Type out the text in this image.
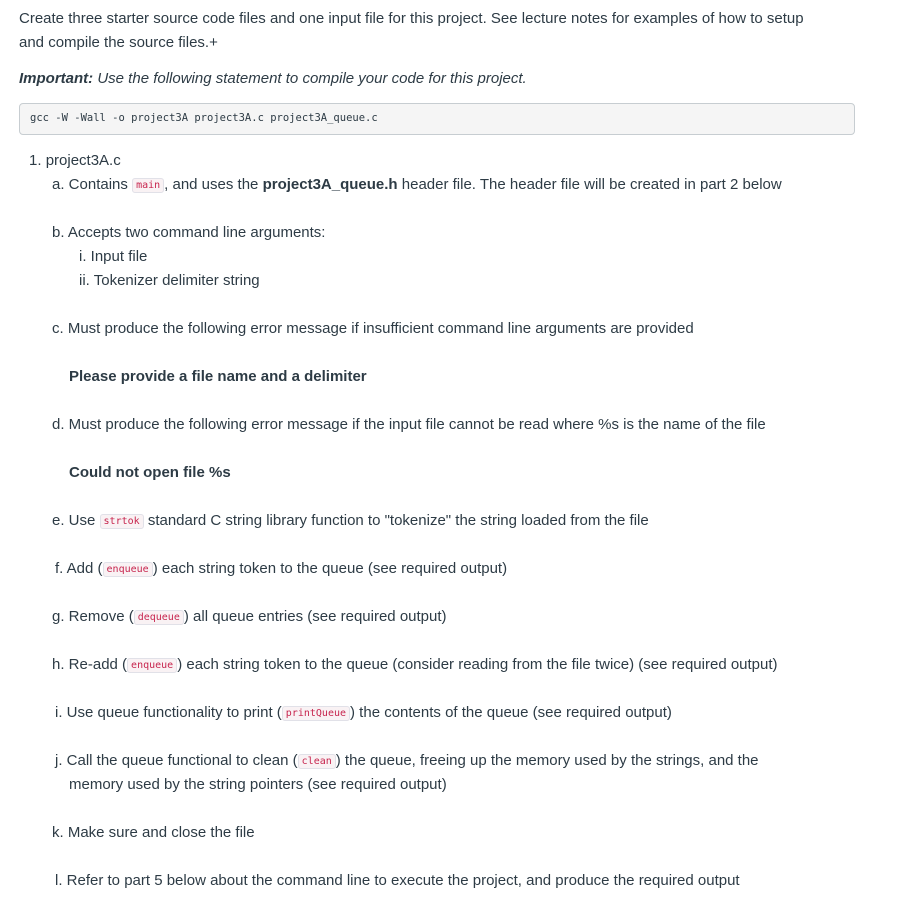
Create three starter source code files and one input file for this project. See lecture notes for examples of how to setup
and compile the source files.+
Important: Use the following statement to compile your code for this project.
gcc -W -Wall -o project3A project3A.c project3A_queue.c
1. project3A.c
a. Contains main , and uses the project3A_queue.h header file. The header file will be created in part 2 below
b. Accepts two command line arguments:
i. Input file
ii. Tokenizer delimiter string
c. Must produce the following error message if insufficient command line arguments are provided
Please provide a file name and a delimiter
d. Must produce the following error message if the input file cannot be read where %s is the name of the file
Could not open file %s
e. Use strtok standard C string library function to "tokenize" the string loaded from the file
f. Add ( enqueue ) each string token to the queue (see required output)
g. Remove ( dequeue ) all queue entries (see required output)
h. Re-add ( enqueue ) each string token to the queue (consider reading from the file twice) (see required output)
i. Use queue functionality to print ( printQueue ) the contents of the queue (see required output)
j. Call the queue functional to clean ( clean ) the queue, freeing up the memory used by the strings, and the
memory used by the string pointers (see required output)
k. Make sure and close the file
l. Refer to part 5 below about the command line to execute the project, and produce the required output
